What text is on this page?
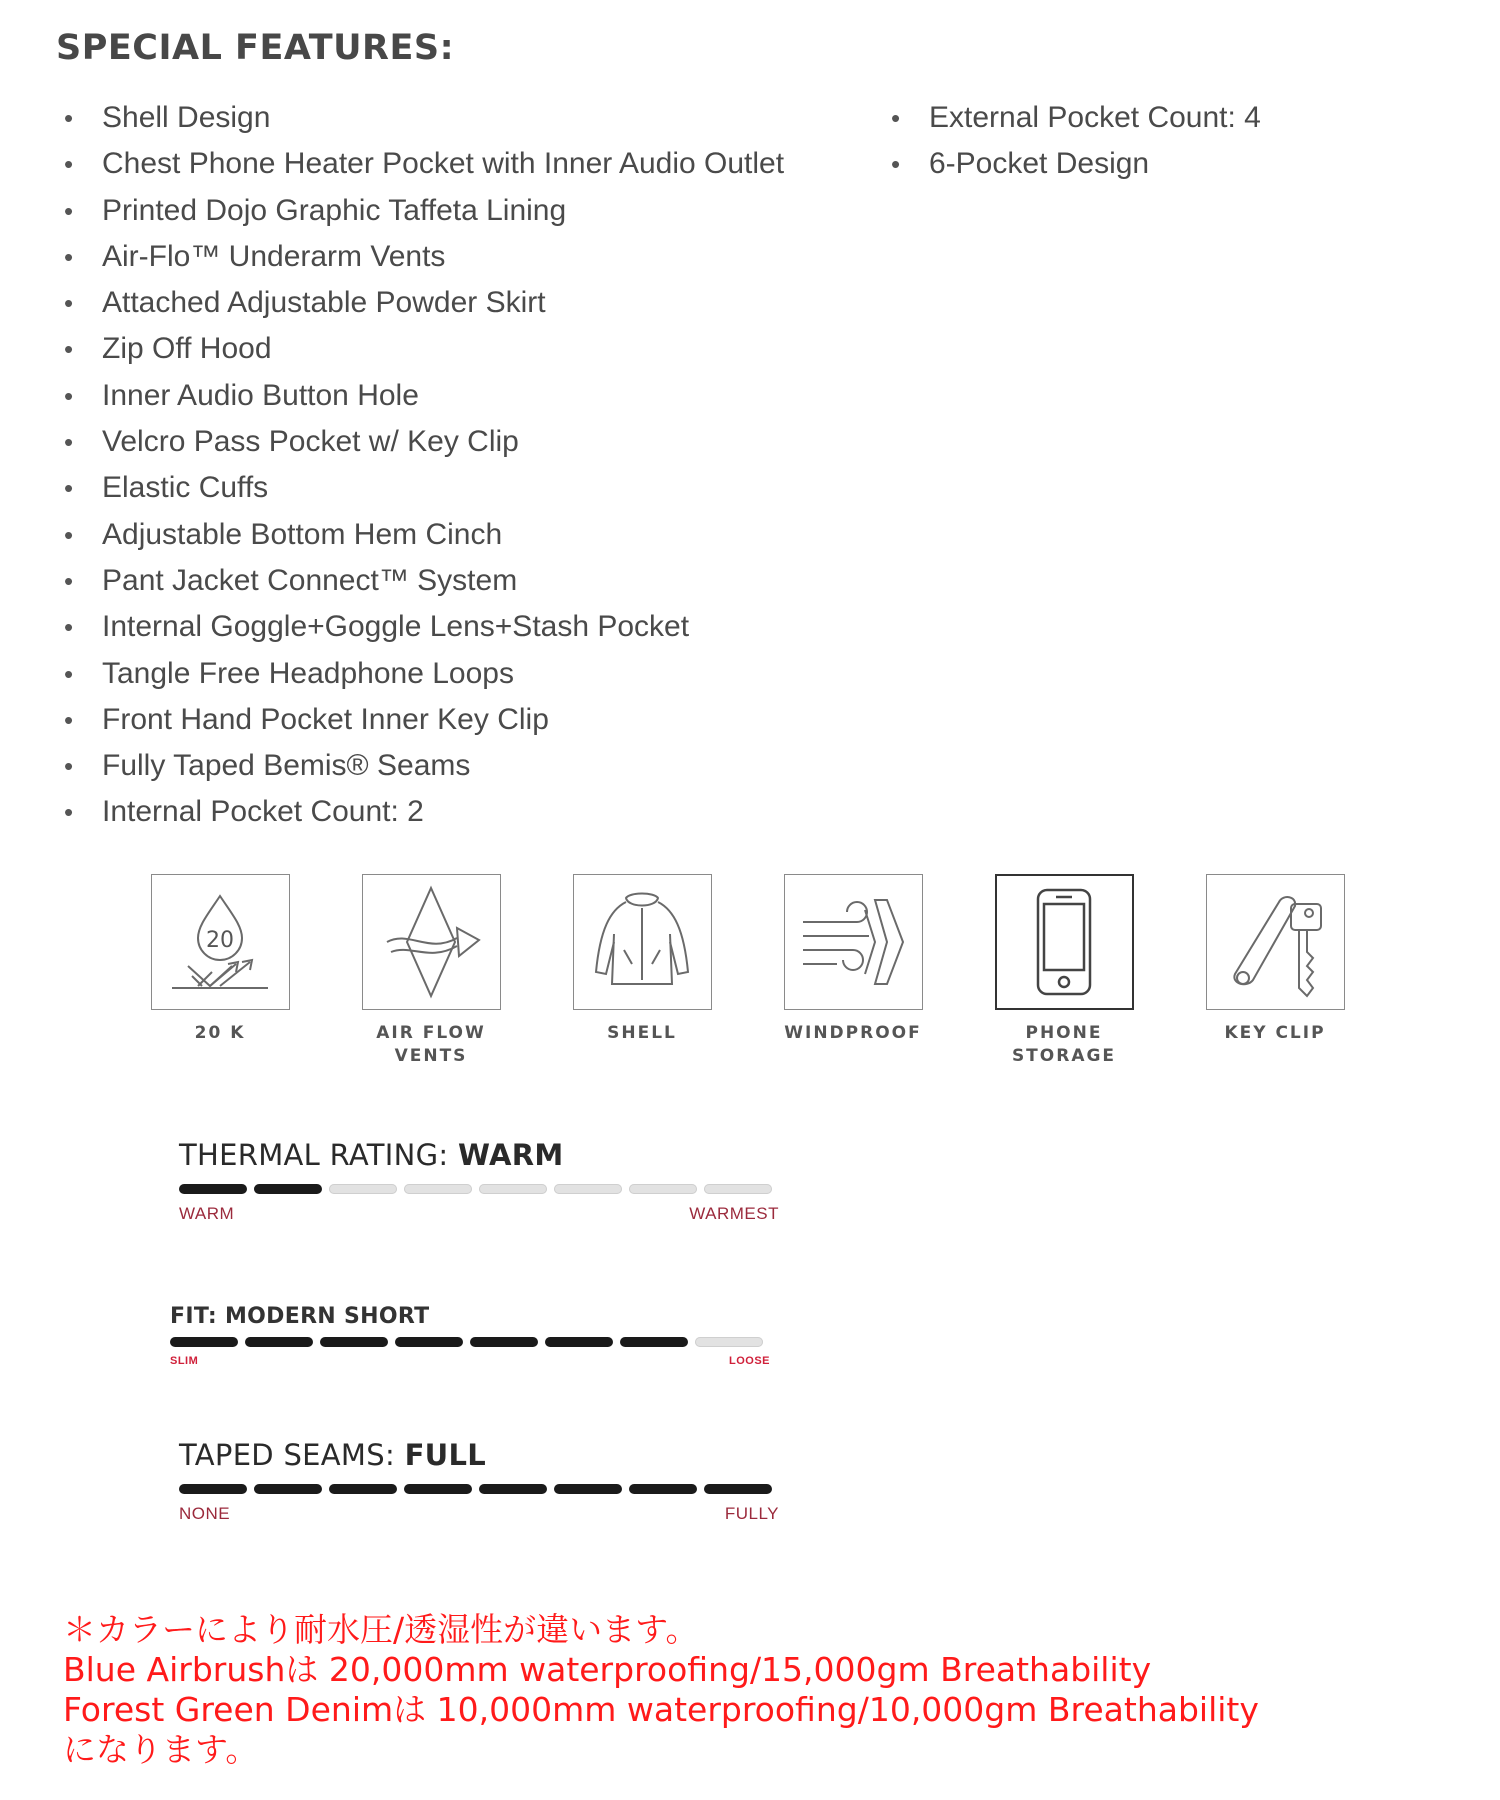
SPECIAL FEATURES:
• Shell Design
• Chest Phone Heater Pocket with Inner Audio Outlet
• Printed Dojo Graphic Taffeta Lining
• Air-Flo™ Underarm Vents
• Attached Adjustable Powder Skirt
• Zip Off Hood
• Inner Audio Button Hole
• Velcro Pass Pocket w/ Key Clip
• Elastic Cuffs
• Adjustable Bottom Hem Cinch
• Pant Jacket Connect™ System
• Internal Goggle+Goggle Lens+Stash Pocket
• Tangle Free Headphone Loops
• Front Hand Pocket Inner Key Clip
• Fully Taped Bemis® Seams
• Internal Pocket Count: 2
• External Pocket Count: 4
• 6-Pocket Design
20
20 K	AIR FLOW
VENTS
SHELL	WINDPROOF	PHONE
STORAGE
KEY CLIP
THERMAL RATING: WARM
WARM	WARMEST
FIT: MODERN SHORT
SLIM	LOOSE
TAPED SEAMS: FULL
NONE	FULLY
＊カラーにより耐水圧/透湿性が違います。
Blue Airbrushは 20,000mm waterproofing/15,000gm Breathability
Forest Green Denimは 10,000mm waterproofing/10,000gm Breathability
になります。
